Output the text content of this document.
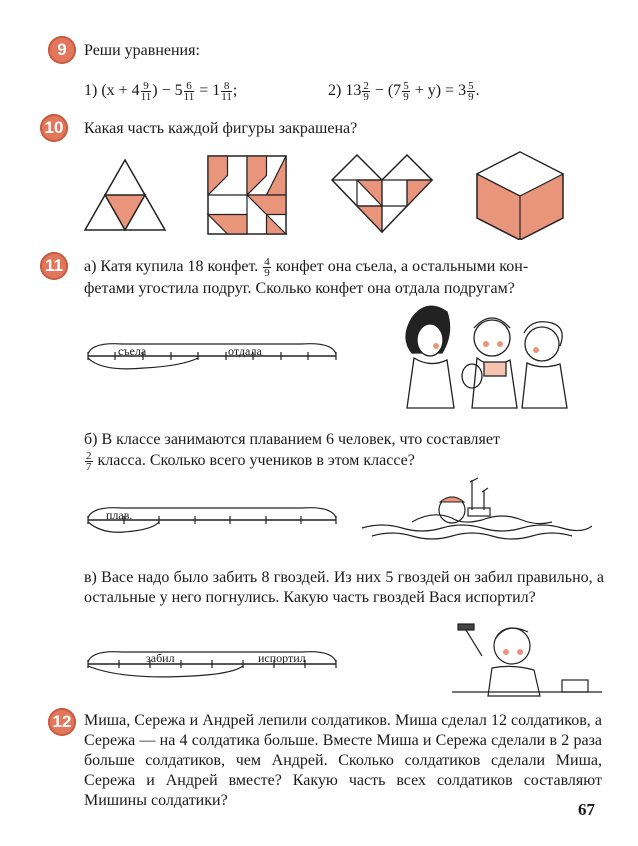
9	Реши уравнения:
1) ($x + 4 \frac{9}{11}$ ) − $5 \frac{6}{11} = 1 \frac{8}{11}$ ;	2) $13 \frac{2}{9} - (7 \frac{5}{9} + y) = 3 \frac{5}{9}$ .
10 Какая часть каждой фигуры закрашена?
11	а) Катя купила 18 конфет. $\frac{4}{9}$ конфет она съела, а остальными кон-
фетами угостила подруг. Сколько конфет она отдала подругам?
съела	отдала
б) В классе занимаются плаванием 6 человек, что составляет
$\frac{2}{7}$ класса. Сколько всего учеников в этом классе?
плав.
в) Васе надо было забить 8 гвоздей. Из них 5 гвоздей он забил правильно, а остальные у него погнулись. Какую часть гвоздей Вася испортил?
забил	испортил
12 Миша, Сережа и Андрей лепили солдатиков. Миша сделал 12 солдатиков, а Сережа — на 4 солдатика больше. Вместе Миша и Сережа сделали в 2 раза больше солдатиков, чем Андрей. Сколько солдатиков сделали Миша, Сережа и Андрей вместе? Какую часть всех солдатиков составляют Мишины солдатики?	67
